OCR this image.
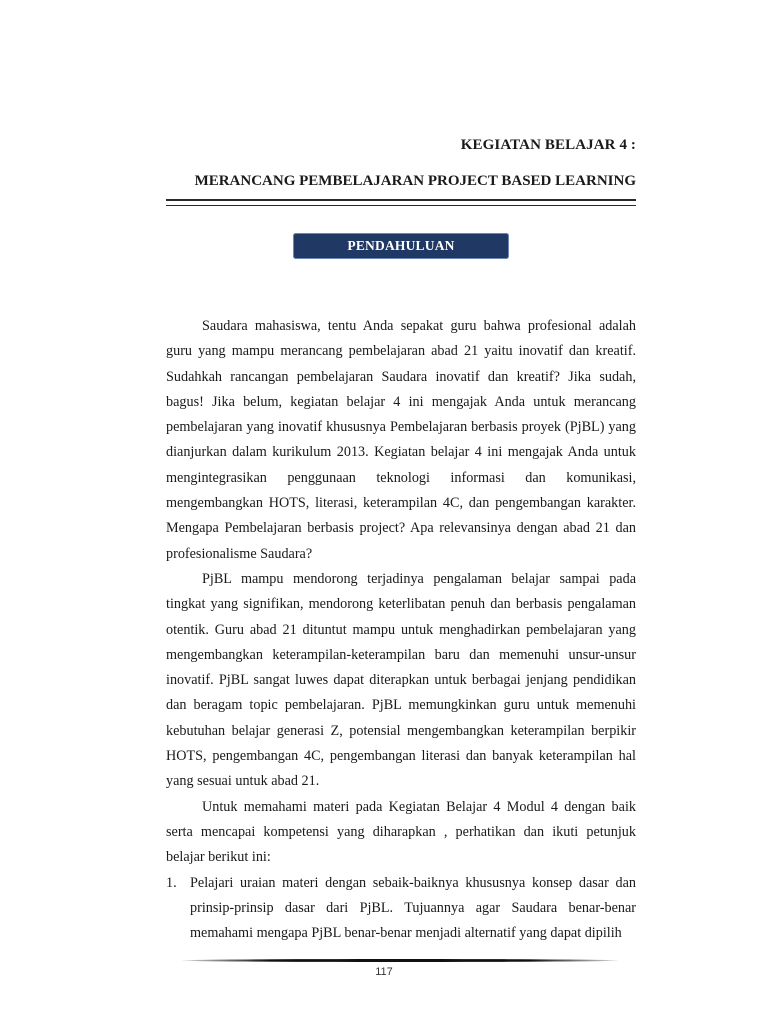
KEGIATAN BELAJAR 4 :
MERANCANG PEMBELAJARAN PROJECT BASED LEARNING
PENDAHULUAN

Saudara mahasiswa, tentu Anda sepakat guru bahwa profesional adalah guru yang mampu merancang pembelajaran abad 21 yaitu inovatif dan kreatif. Sudahkah rancangan pembelajaran Saudara inovatif dan kreatif? Jika sudah, bagus! Jika belum, kegiatan belajar 4 ini mengajak Anda untuk merancang pembelajaran yang inovatif khususnya Pembelajaran berbasis proyek (PjBL) yang dianjurkan dalam kurikulum 2013. Kegiatan belajar 4 ini mengajak Anda untuk mengintegrasikan penggunaan teknologi informasi dan komunikasi, mengembangkan HOTS, literasi, keterampilan 4C, dan pengembangan karakter. Mengapa Pembelajaran berbasis project? Apa relevansinya dengan abad 21 dan profesionalisme Saudara?

PjBL mampu mendorong terjadinya pengalaman belajar sampai pada tingkat yang signifikan, mendorong keterlibatan penuh dan berbasis pengalaman otentik. Guru abad 21 dituntut mampu untuk menghadirkan pembelajaran yang mengembangkan keterampilan-keterampilan baru dan memenuhi unsur-unsur inovatif. PjBL sangat luwes dapat diterapkan untuk berbagai jenjang pendidikan dan beragam topic pembelajaran. PjBL memungkinkan guru untuk memenuhi kebutuhan belajar generasi Z, potensial mengembangkan keterampilan berpikir HOTS, pengembangan 4C, pengembangan literasi dan banyak keterampilan hal yang sesuai untuk abad 21.

Untuk memahami materi pada Kegiatan Belajar 4 Modul 4 dengan baik serta mencapai kompetensi yang diharapkan , perhatikan dan ikuti petunjuk belajar berikut ini:

1. Pelajari uraian materi dengan sebaik-baiknya khususnya konsep dasar dan prinsip-prinsip dasar dari PjBL. Tujuannya agar Saudara benar-benar memahami mengapa PjBL benar-benar menjadi alternatif yang dapat dipilih
117
